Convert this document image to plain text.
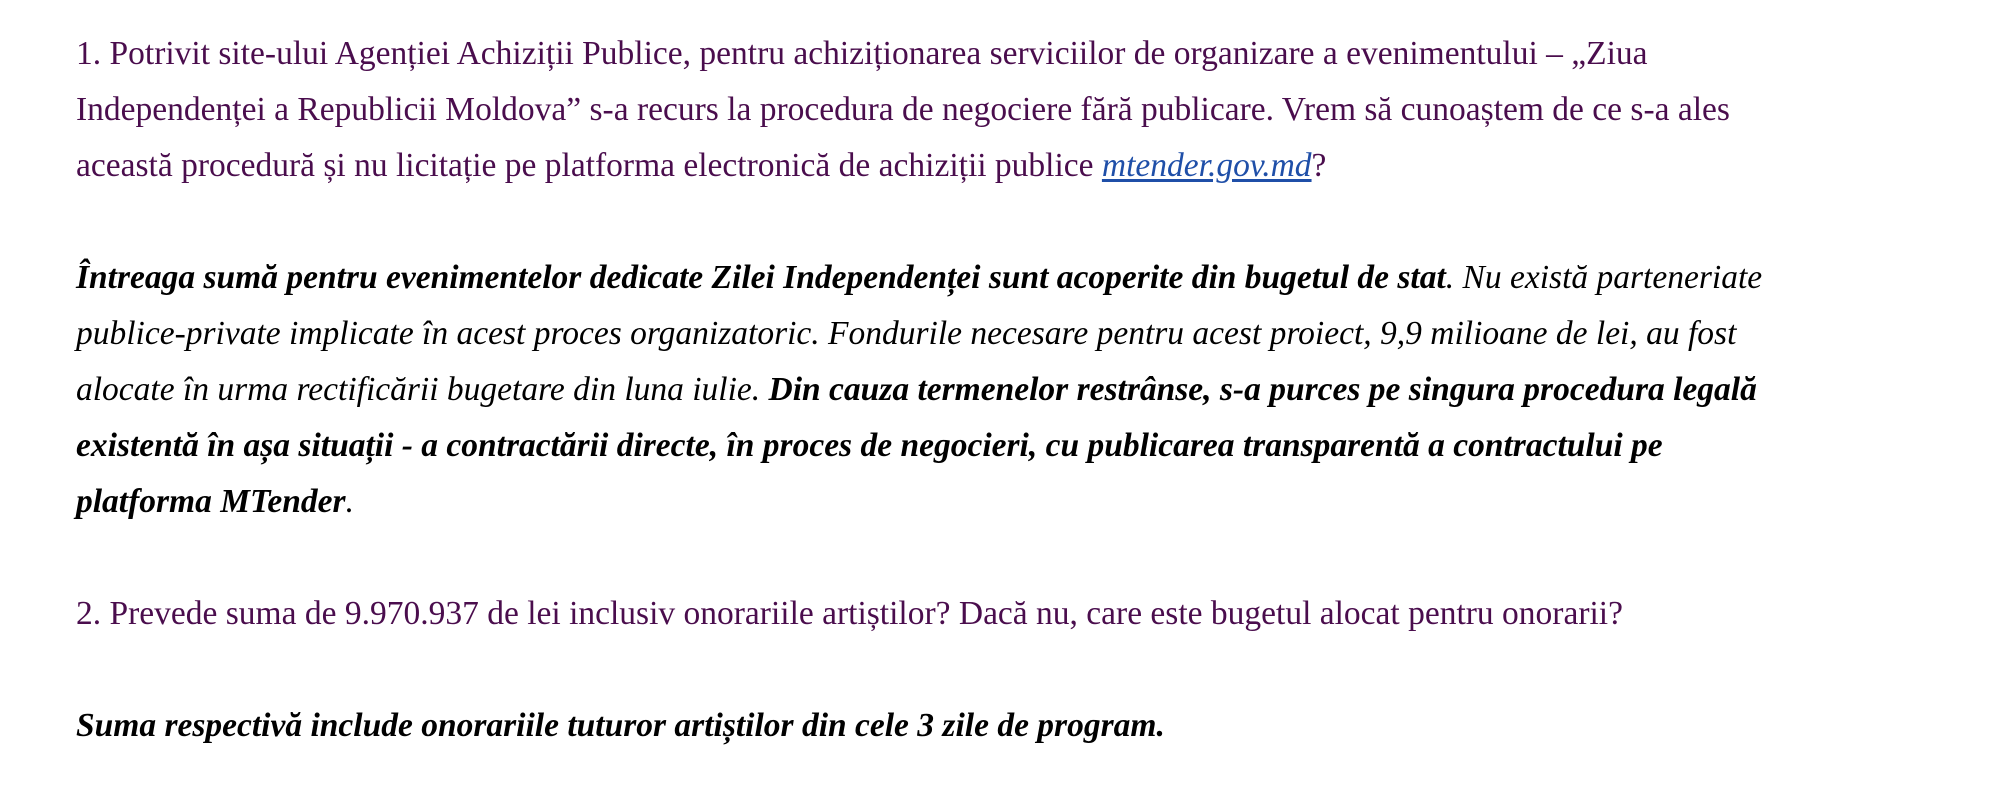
1. Potrivit site-ului Agenției Achiziții Publice, pentru achiziționarea serviciilor de organizare a evenimentului – „Ziua
Independenței a Republicii Moldova” s-a recurs la procedura de negociere fără publicare. Vrem să cunoaștem de ce s-a ales
această procedură și nu licitație pe platforma electronică de achiziții publice mtender.gov.md?

Întreaga sumă pentru evenimentelor dedicate Zilei Independenței sunt acoperite din bugetul de stat. Nu există parteneriate
publice-private implicate în acest proces organizatoric. Fondurile necesare pentru acest proiect, 9,9 milioane de lei, au fost
alocate în urma rectificării bugetare din luna iulie. Din cauza termenelor restrânse, s-a purces pe singura procedura legală
existentă în așa situații - a contractării directe, în proces de negocieri, cu publicarea transparentă a contractului pe
platforma MTender.

2. Prevede suma de 9.970.937 de lei inclusiv onorariile artiștilor? Dacă nu, care este bugetul alocat pentru onorarii?

Suma respectivă include onorariile tuturor artiștilor din cele 3 zile de program.
